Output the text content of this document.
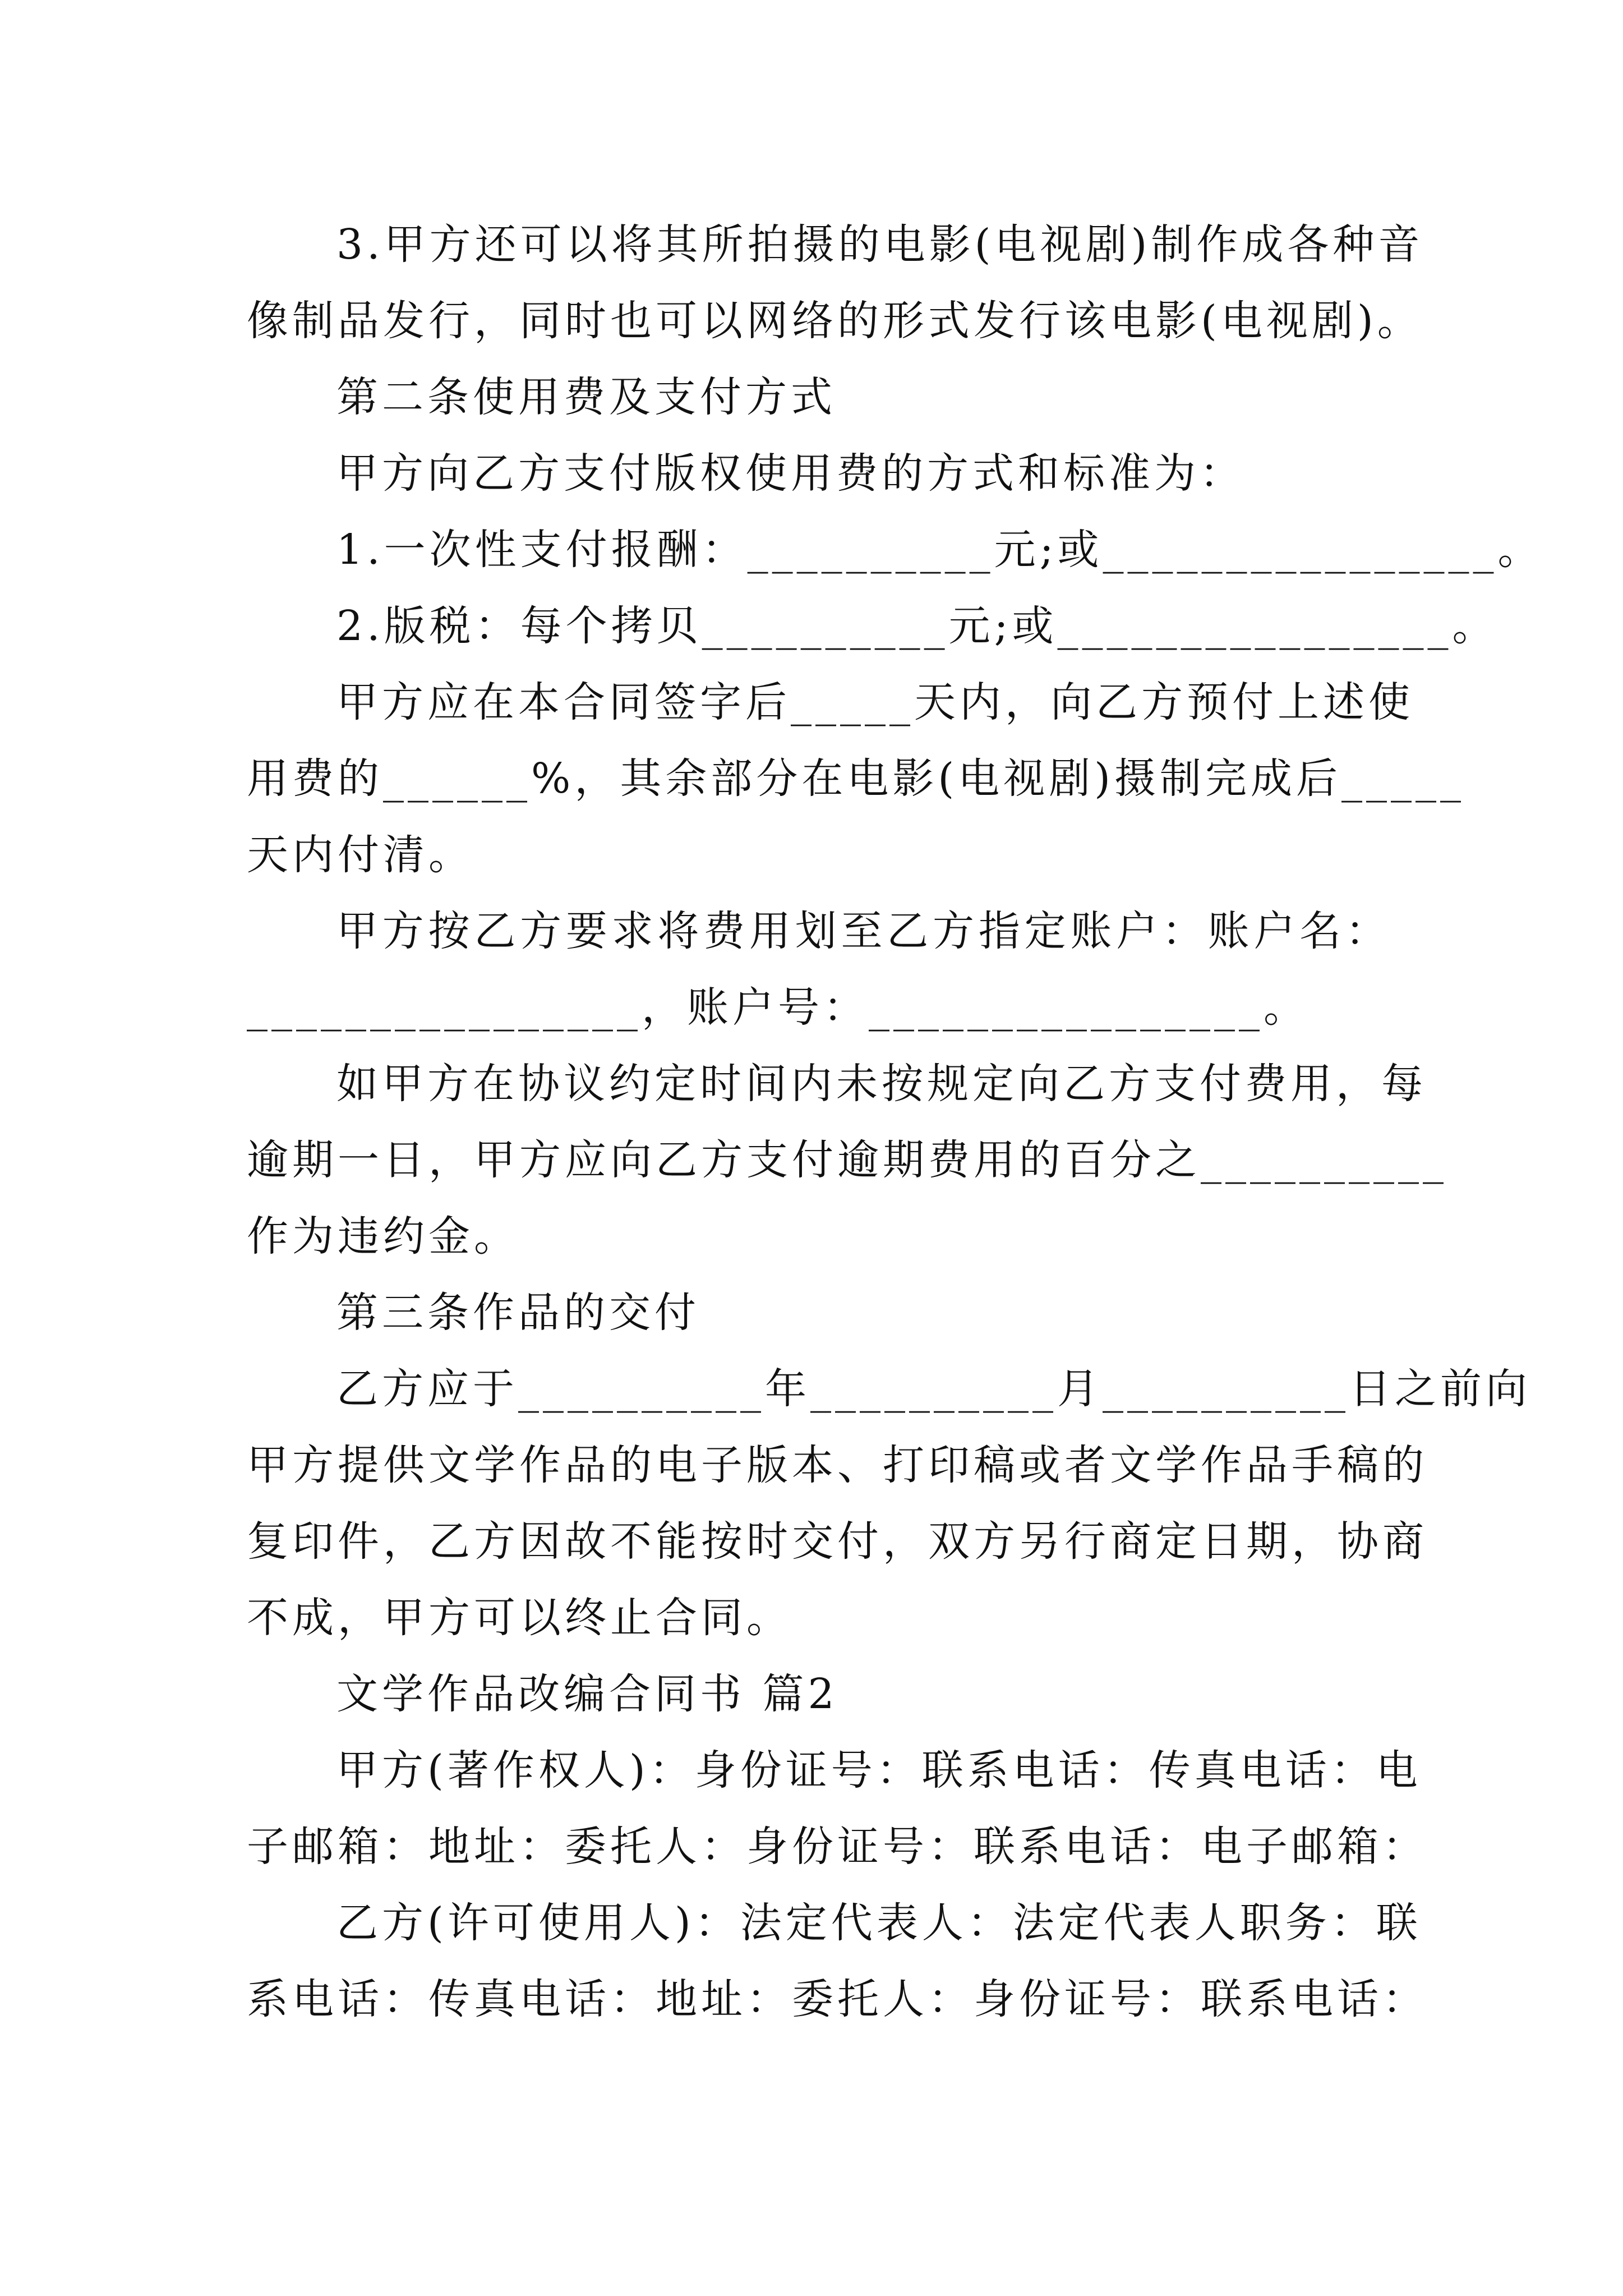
3.甲方还可以将其所拍摄的电影(电视剧)制作成各种音
像制品发行，同时也可以网络的形式发行该电影(电视剧)。
第二条使用费及支付方式
甲方向乙方支付版权使用费的方式和标准为：
1.一次性支付报酬：__________元;或________________。
2.版税：每个拷贝__________元;或________________。
甲方应在本合同签字后_____天内，向乙方预付上述使
用费的______%，其余部分在电影(电视剧)摄制完成后_____
天内付清。
甲方按乙方要求将费用划至乙方指定账户：账户名：
________________，账户号：________________。
如甲方在协议约定时间内未按规定向乙方支付费用，每
逾期一日，甲方应向乙方支付逾期费用的百分之__________
作为违约金。
第三条作品的交付
乙方应于__________年__________月__________日之前向
甲方提供文学作品的电子版本、打印稿或者文学作品手稿的
复印件，乙方因故不能按时交付，双方另行商定日期，协商
不成，甲方可以终止合同。
文学作品改编合同书 篇2
甲方(著作权人)：身份证号：联系电话：传真电话：电
子邮箱：地址：委托人：身份证号：联系电话：电子邮箱：
乙方(许可使用人)：法定代表人：法定代表人职务：联
系电话：传真电话：地址：委托人：身份证号：联系电话：
